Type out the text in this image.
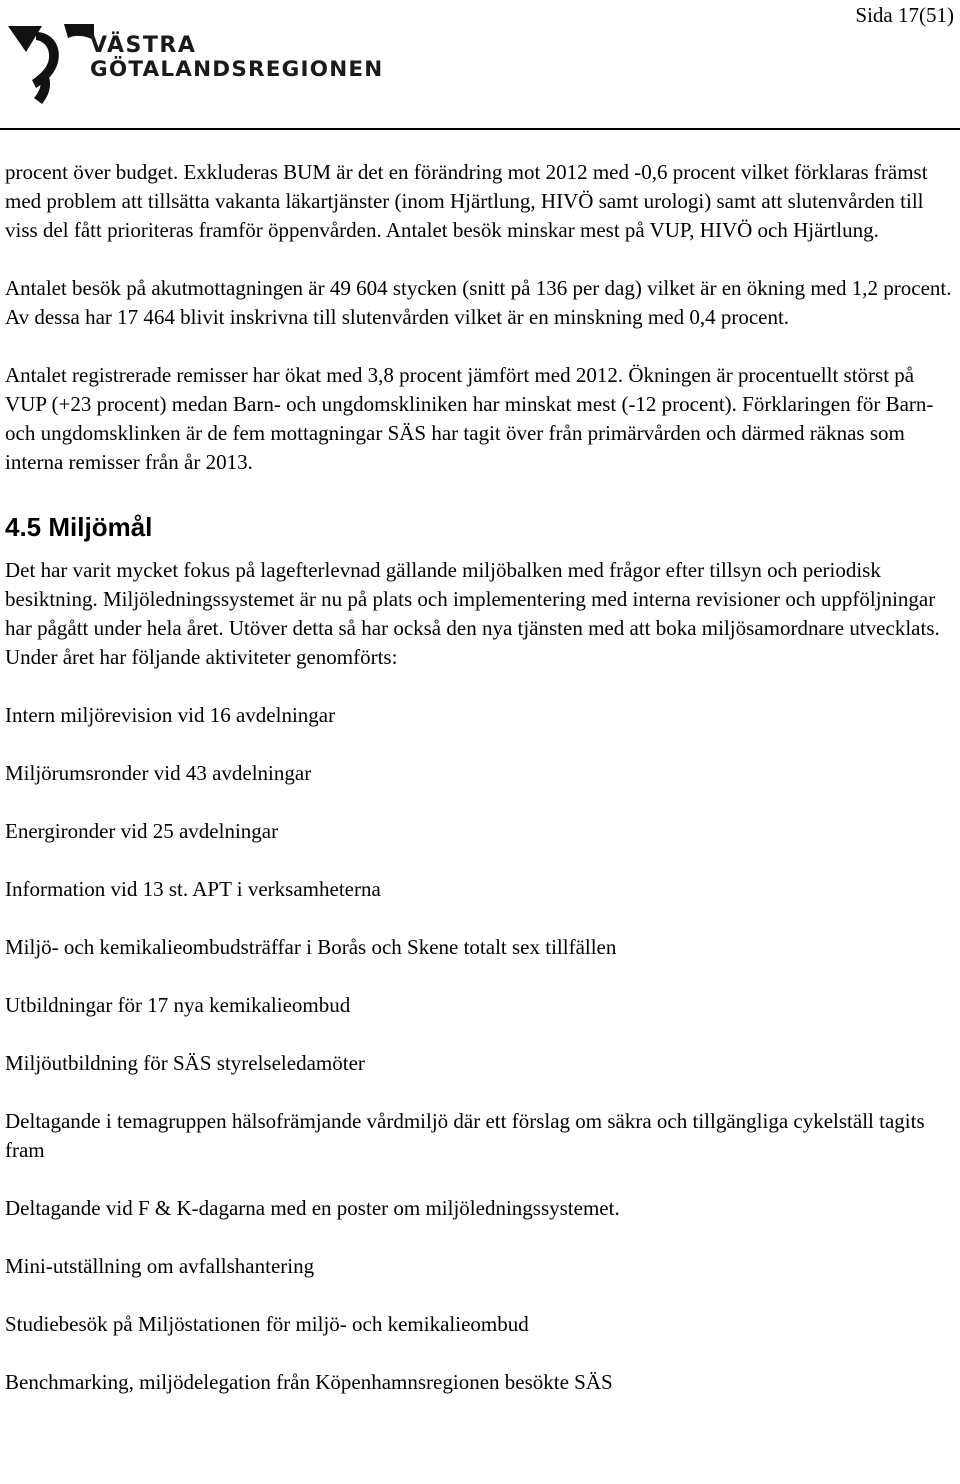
Sida 17(51)
VÄSTRA
GÖTALANDSREGIONEN

procent över budget. Exkluderas BUM är det en förändring mot 2012 med -0,6 procent vilket förklaras främst med problem att tillsätta vakanta läkartjänster (inom Hjärtlung, HIVÖ samt urologi) samt att slutenvården till viss del fått prioriteras framför öppenvården. Antalet besök minskar mest på VUP, HIVÖ och Hjärtlung.

Antalet besök på akutmottagningen är 49 604 stycken (snitt på 136 per dag) vilket är en ökning med 1,2 procent. Av dessa har 17 464 blivit inskrivna till slutenvården vilket är en minskning med 0,4 procent.

Antalet registrerade remisser har ökat med 3,8 procent jämfört med 2012. Ökningen är procentuellt störst på VUP (+23 procent) medan Barn- och ungdomskliniken har minskat mest (-12 procent). Förklaringen för Barn- och ungdomsklinken är de fem mottagningar SÄS har tagit över från primärvården och därmed räknas som interna remisser från år 2013.

4.5 Miljömål

Det har varit mycket fokus på lagefterlevnad gällande miljöbalken med frågor efter tillsyn och periodisk besiktning. Miljöledningssystemet är nu på plats och implementering med interna revisioner och uppföljningar har pågått under hela året. Utöver detta så har också den nya tjänsten med att boka miljösamordnare utvecklats. Under året har följande aktiviteter genomförts:

Intern miljörevision vid 16 avdelningar
Miljörumsronder vid 43 avdelningar
Energironder vid 25 avdelningar
Information vid 13 st. APT i verksamheterna
Miljö- och kemikalieombudsträffar i Borås och Skene totalt sex tillfällen
Utbildningar för 17 nya kemikalieombud
Miljöutbildning för SÄS styrelseledamöter
Deltagande i temagruppen hälsofrämjande vårdmiljö där ett förslag om säkra och tillgängliga cykelställ tagits fram
Deltagande vid F & K-dagarna med en poster om miljöledningssystemet.
Mini-utställning om avfallshantering
Studiebesök på Miljöstationen för miljö- och kemikalieombud
Benchmarking, miljödelegation från Köpenhamnsregionen besökte SÄS
